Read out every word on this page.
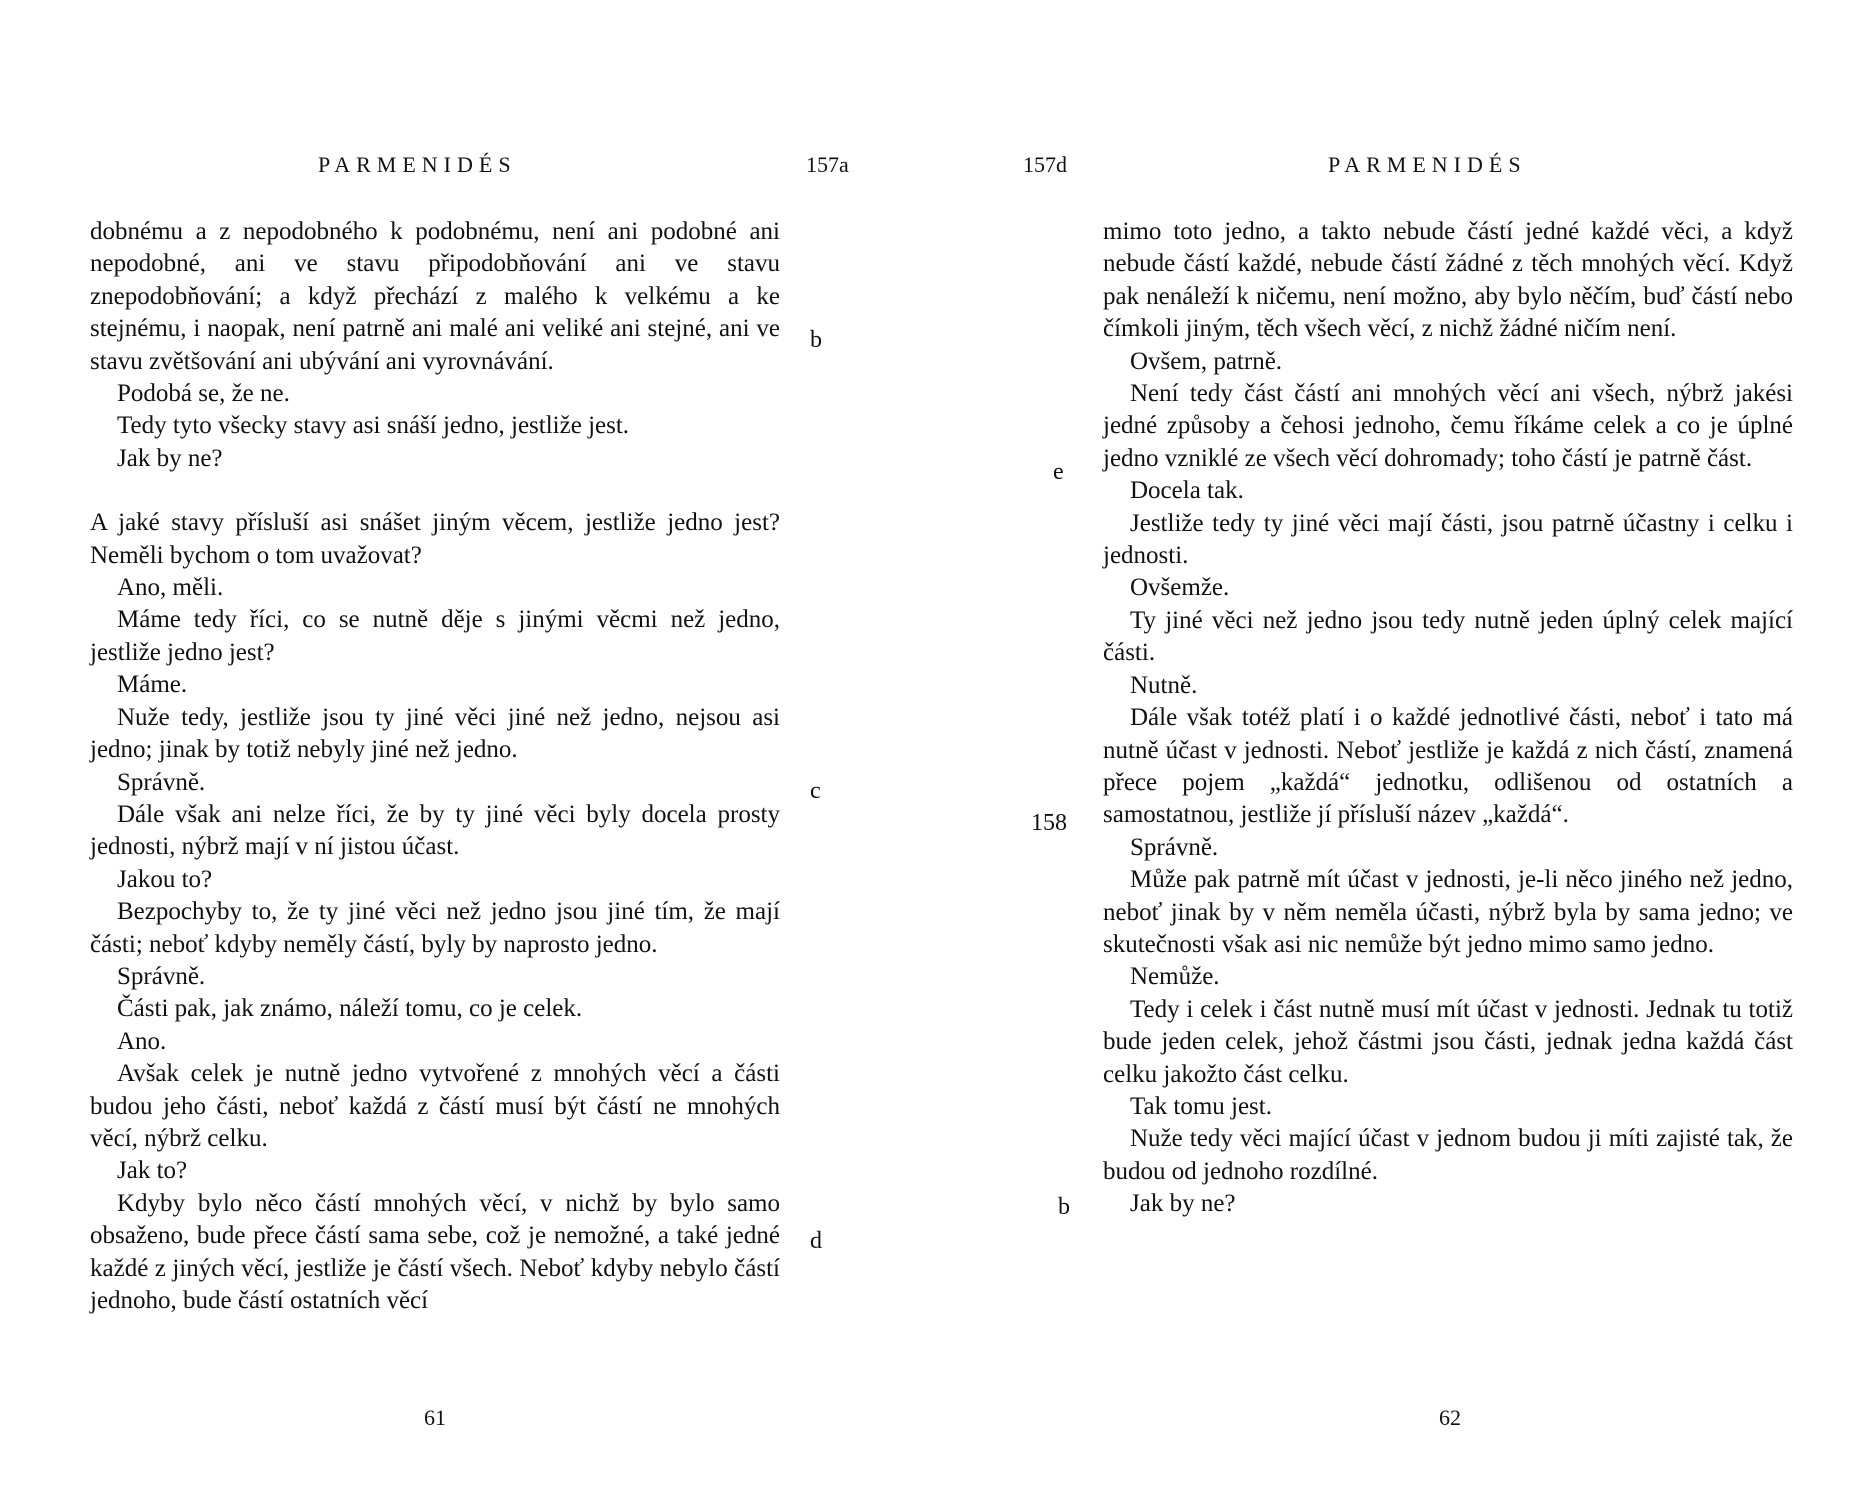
PARMENIDÉS	157a

dobnému a z nepodobného k podobnému, není ani podobné ani nepodobné, ani ve stavu připodobňování ani ve stavu znepodobňování; a když přechází z malého k velkému a ke stejnému, i naopak, není patrně ani malé ani veliké ani stejné, ani ve stavu zvětšování ani ubývání ani vyrovnávání.

Podobá se, že ne.

Tedy tyto všecky stavy asi snáší jedno, jestliže jest.

Jak by ne?

A jaké stavy přísluší asi snášet jiným věcem, jestliže jedno jest? Neměli bychom o tom uvažovat?

Ano, měli.

Máme tedy říci, co se nutně děje s jinými věcmi než jedno, jestliže jedno jest?

Máme.

Nuže tedy, jestliže jsou ty jiné věci jiné než jedno, nejsou asi jedno; jinak by totiž nebyly jiné než jedno.

Správně.

Dále však ani nelze říci, že by ty jiné věci byly docela prosty jednosti, nýbrž mají v ní jistou účast.

Jakou to?

Bezpochyby to, že ty jiné věci než jedno jsou jiné tím, že mají části; neboť kdyby neměly částí, byly by naprosto jedno.

Správně.

Části pak, jak známo, náleží tomu, co je celek.

Ano.

Avšak celek je nutně jedno vytvořené z mnohých věcí a části budou jeho části, neboť každá z částí musí být částí ne mnohých věcí, nýbrž celku.

Jak to?

Kdyby bylo něco částí mnohých věcí, v nichž by bylo samo obsaženo, bude přece částí sama sebe, což je nemožné, a také jedné každé z jiných věcí, jestliže je částí všech. Neboť kdyby nebylo částí jednoho, bude částí ostatních věcí

b
c
d
61
157d	PARMENIDÉS

mimo toto jedno, a takto nebude částí jedné každé věci, a když nebude částí každé, nebude částí žádné z těch mnohých věcí. Když pak nenáleží k ničemu, není možno, aby bylo něčím, buď částí nebo čímkoli jiným, těch všech věcí, z nichž žádné ničím není.

Ovšem, patrně.

Není tedy část částí ani mnohých věcí ani všech, nýbrž jakési jedné způsoby a čehosi jednoho, čemu říkáme celek a co je úplné jedno vzniklé ze všech věcí dohromady; toho částí je patrně část.

Docela tak.

Jestliže tedy ty jiné věci mají části, jsou patrně účastny i celku i jednosti.

Ovšemže.

Ty jiné věci než jedno jsou tedy nutně jeden úplný celek mající části.

Nutně.

Dále však totéž platí i o každé jednotlivé části, neboť i tato má nutně účast v jednosti. Neboť jestliže je každá z nich částí, znamená přece pojem „každá“ jednotku, odlišenou od ostatních a samostatnou, jestliže jí přísluší název „každá“.

Správně.

Může pak patrně mít účast v jednosti, je-li něco jiného než jedno, neboť jinak by v něm neměla účasti, nýbrž byla by sama jedno; ve skutečnosti však asi nic nemůže být jedno mimo samo jedno.

Nemůže.

Tedy i celek i část nutně musí mít účast v jednosti. Jednak tu totiž bude jeden celek, jehož částmi jsou části, jednak jedna každá část celku jakožto část celku.

Tak tomu jest.

Nuže tedy věci mající účast v jednom budou ji míti zajisté tak, že budou od jednoho rozdílné.

Jak by ne?

e
158
b
62
